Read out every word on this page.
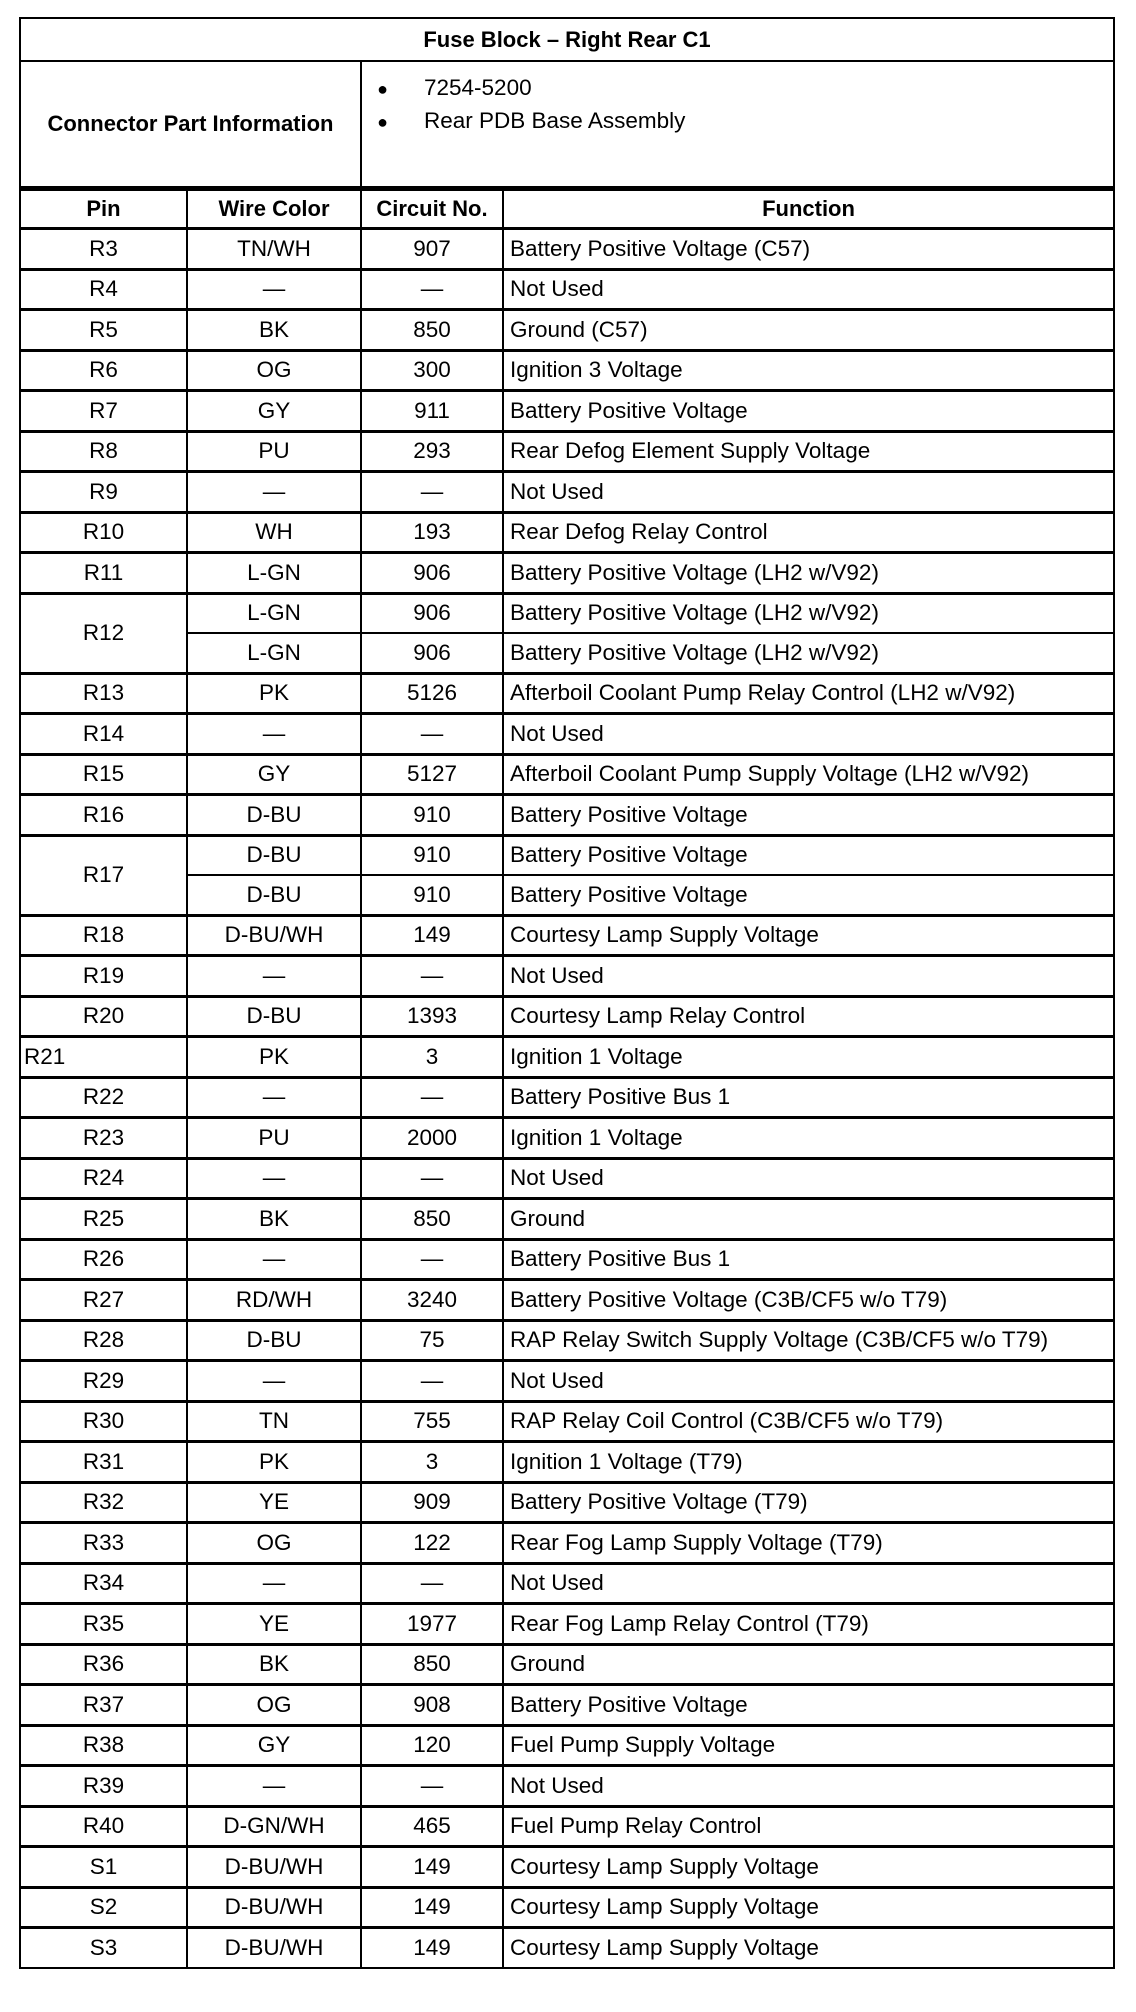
Fuse Block – Right Rear C1			
Connector Part Information		● 7254-5200
● Rear PDB Base Assembly	

Pin	Wire Color	Circuit No.	Function
R3	TN/WH	907	Battery Positive Voltage (C57)
R4	—	—	Not Used
R5	BK	850	Ground (C57)
R6	OG	300	Ignition 3 Voltage
R7	GY	911	Battery Positive Voltage
R8	PU	293	Rear Defog Element Supply Voltage
R9	—	—	Not Used
R10	WH	193	Rear Defog Relay Control
R11	L-GN	906	Battery Positive Voltage (LH2 w/V92)
R12	L-GN	906	Battery Positive Voltage (LH2 w/V92)
	L-GN	906	Battery Positive Voltage (LH2 w/V92)
R13	PK	5126	Afterboil Coolant Pump Relay Control (LH2 w/V92)
R14	—	—	Not Used
R15	GY	5127	Afterboil Coolant Pump Supply Voltage (LH2 w/V92)
R16	D-BU	910	Battery Positive Voltage
R17	D-BU	910	Battery Positive Voltage
	D-BU	910	Battery Positive Voltage
R18	D-BU/WH	149	Courtesy Lamp Supply Voltage
R19	—	—	Not Used
R20	D-BU	1393	Courtesy Lamp Relay Control
R21	PK	3	Ignition 1 Voltage
R22	—	—	Battery Positive Bus 1
R23	PU	2000	Ignition 1 Voltage
R24	—	—	Not Used
R25	BK	850	Ground
R26	—	—	Battery Positive Bus 1
R27	RD/WH	3240	Battery Positive Voltage (C3B/CF5 w/o T79)
R28	D-BU	75	RAP Relay Switch Supply Voltage (C3B/CF5 w/o T79)
R29	—	—	Not Used
R30	TN	755	RAP Relay Coil Control (C3B/CF5 w/o T79)
R31	PK	3	Ignition 1 Voltage (T79)
R32	YE	909	Battery Positive Voltage (T79)
R33	OG	122	Rear Fog Lamp Supply Voltage (T79)
R34	—	—	Not Used
R35	YE	1977	Rear Fog Lamp Relay Control (T79)
R36	BK	850	Ground
R37	OG	908	Battery Positive Voltage
R38	GY	120	Fuel Pump Supply Voltage
R39	—	—	Not Used
R40	D-GN/WH	465	Fuel Pump Relay Control
S1	D-BU/WH	149	Courtesy Lamp Supply Voltage
S2	D-BU/WH	149	Courtesy Lamp Supply Voltage
S3	D-BU/WH	149	Courtesy Lamp Supply Voltage
